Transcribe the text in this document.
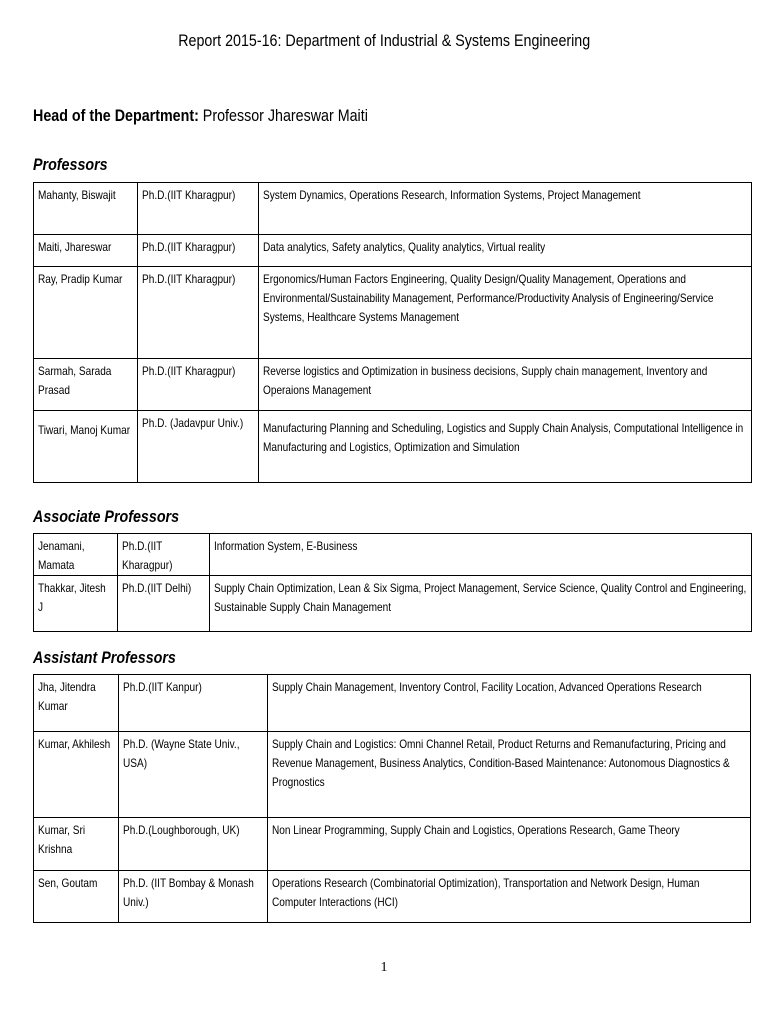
Report 2015-16: Department of Industrial & Systems Engineering
Head of the Department: Professor Jhareswar Maiti
Professors
Mahanty, Biswajit	Ph.D.(IIT Kharagpur)	System Dynamics, Operations Research, Information Systems, Project Management

Maiti, Jhareswar	Ph.D.(IIT Kharagpur)	Data analytics, Safety analytics, Quality analytics, Virtual reality

Ray, Pradip Kumar	Ph.D.(IIT Kharagpur)	Ergonomics/Human Factors Engineering, Quality Design/Quality Management, Operations and Environmental/Sustainability Management, Performance/Productivity Analysis of Engineering/Service Systems, Healthcare Systems Management

Sarmah, Sarada Prasad	Ph.D.(IIT Kharagpur)	Reverse logistics and Optimization in business decisions, Supply chain management, Inventory and Operaions Management

Tiwari, Manoj Kumar	Ph.D. (Jadavpur Univ.)	Manufacturing Planning and Scheduling, Logistics and Supply Chain Analysis, Computational Intelligence in Manufacturing and Logistics, Optimization and Simulation
Associate Professors
Jenamani, Mamata	Ph.D.(IIT Kharagpur)	Information System, E-Business

Thakkar, Jitesh J	Ph.D.(IIT Delhi)	Supply Chain Optimization, Lean & Six Sigma, Project Management, Service Science, Quality Control and Engineering, Sustainable Supply Chain Management
Assistant Professors
Jha, Jitendra Kumar	Ph.D.(IIT Kanpur)	Supply Chain Management, Inventory Control, Facility Location, Advanced Operations Research

Kumar, Akhilesh	Ph.D. (Wayne State Univ., USA)	Supply Chain and Logistics: Omni Channel Retail, Product Returns and Remanufacturing, Pricing and Revenue Management, Business Analytics, Condition-Based Maintenance: Autonomous Diagnostics & Prognostics

Kumar, Sri Krishna	Ph.D.(Loughborough, UK)	Non Linear Programming, Supply Chain and Logistics, Operations Research, Game Theory

Sen, Goutam	Ph.D. (IIT Bombay & Monash Univ.)	Operations Research (Combinatorial Optimization), Transportation and Network Design, Human Computer Interactions (HCI)
1
